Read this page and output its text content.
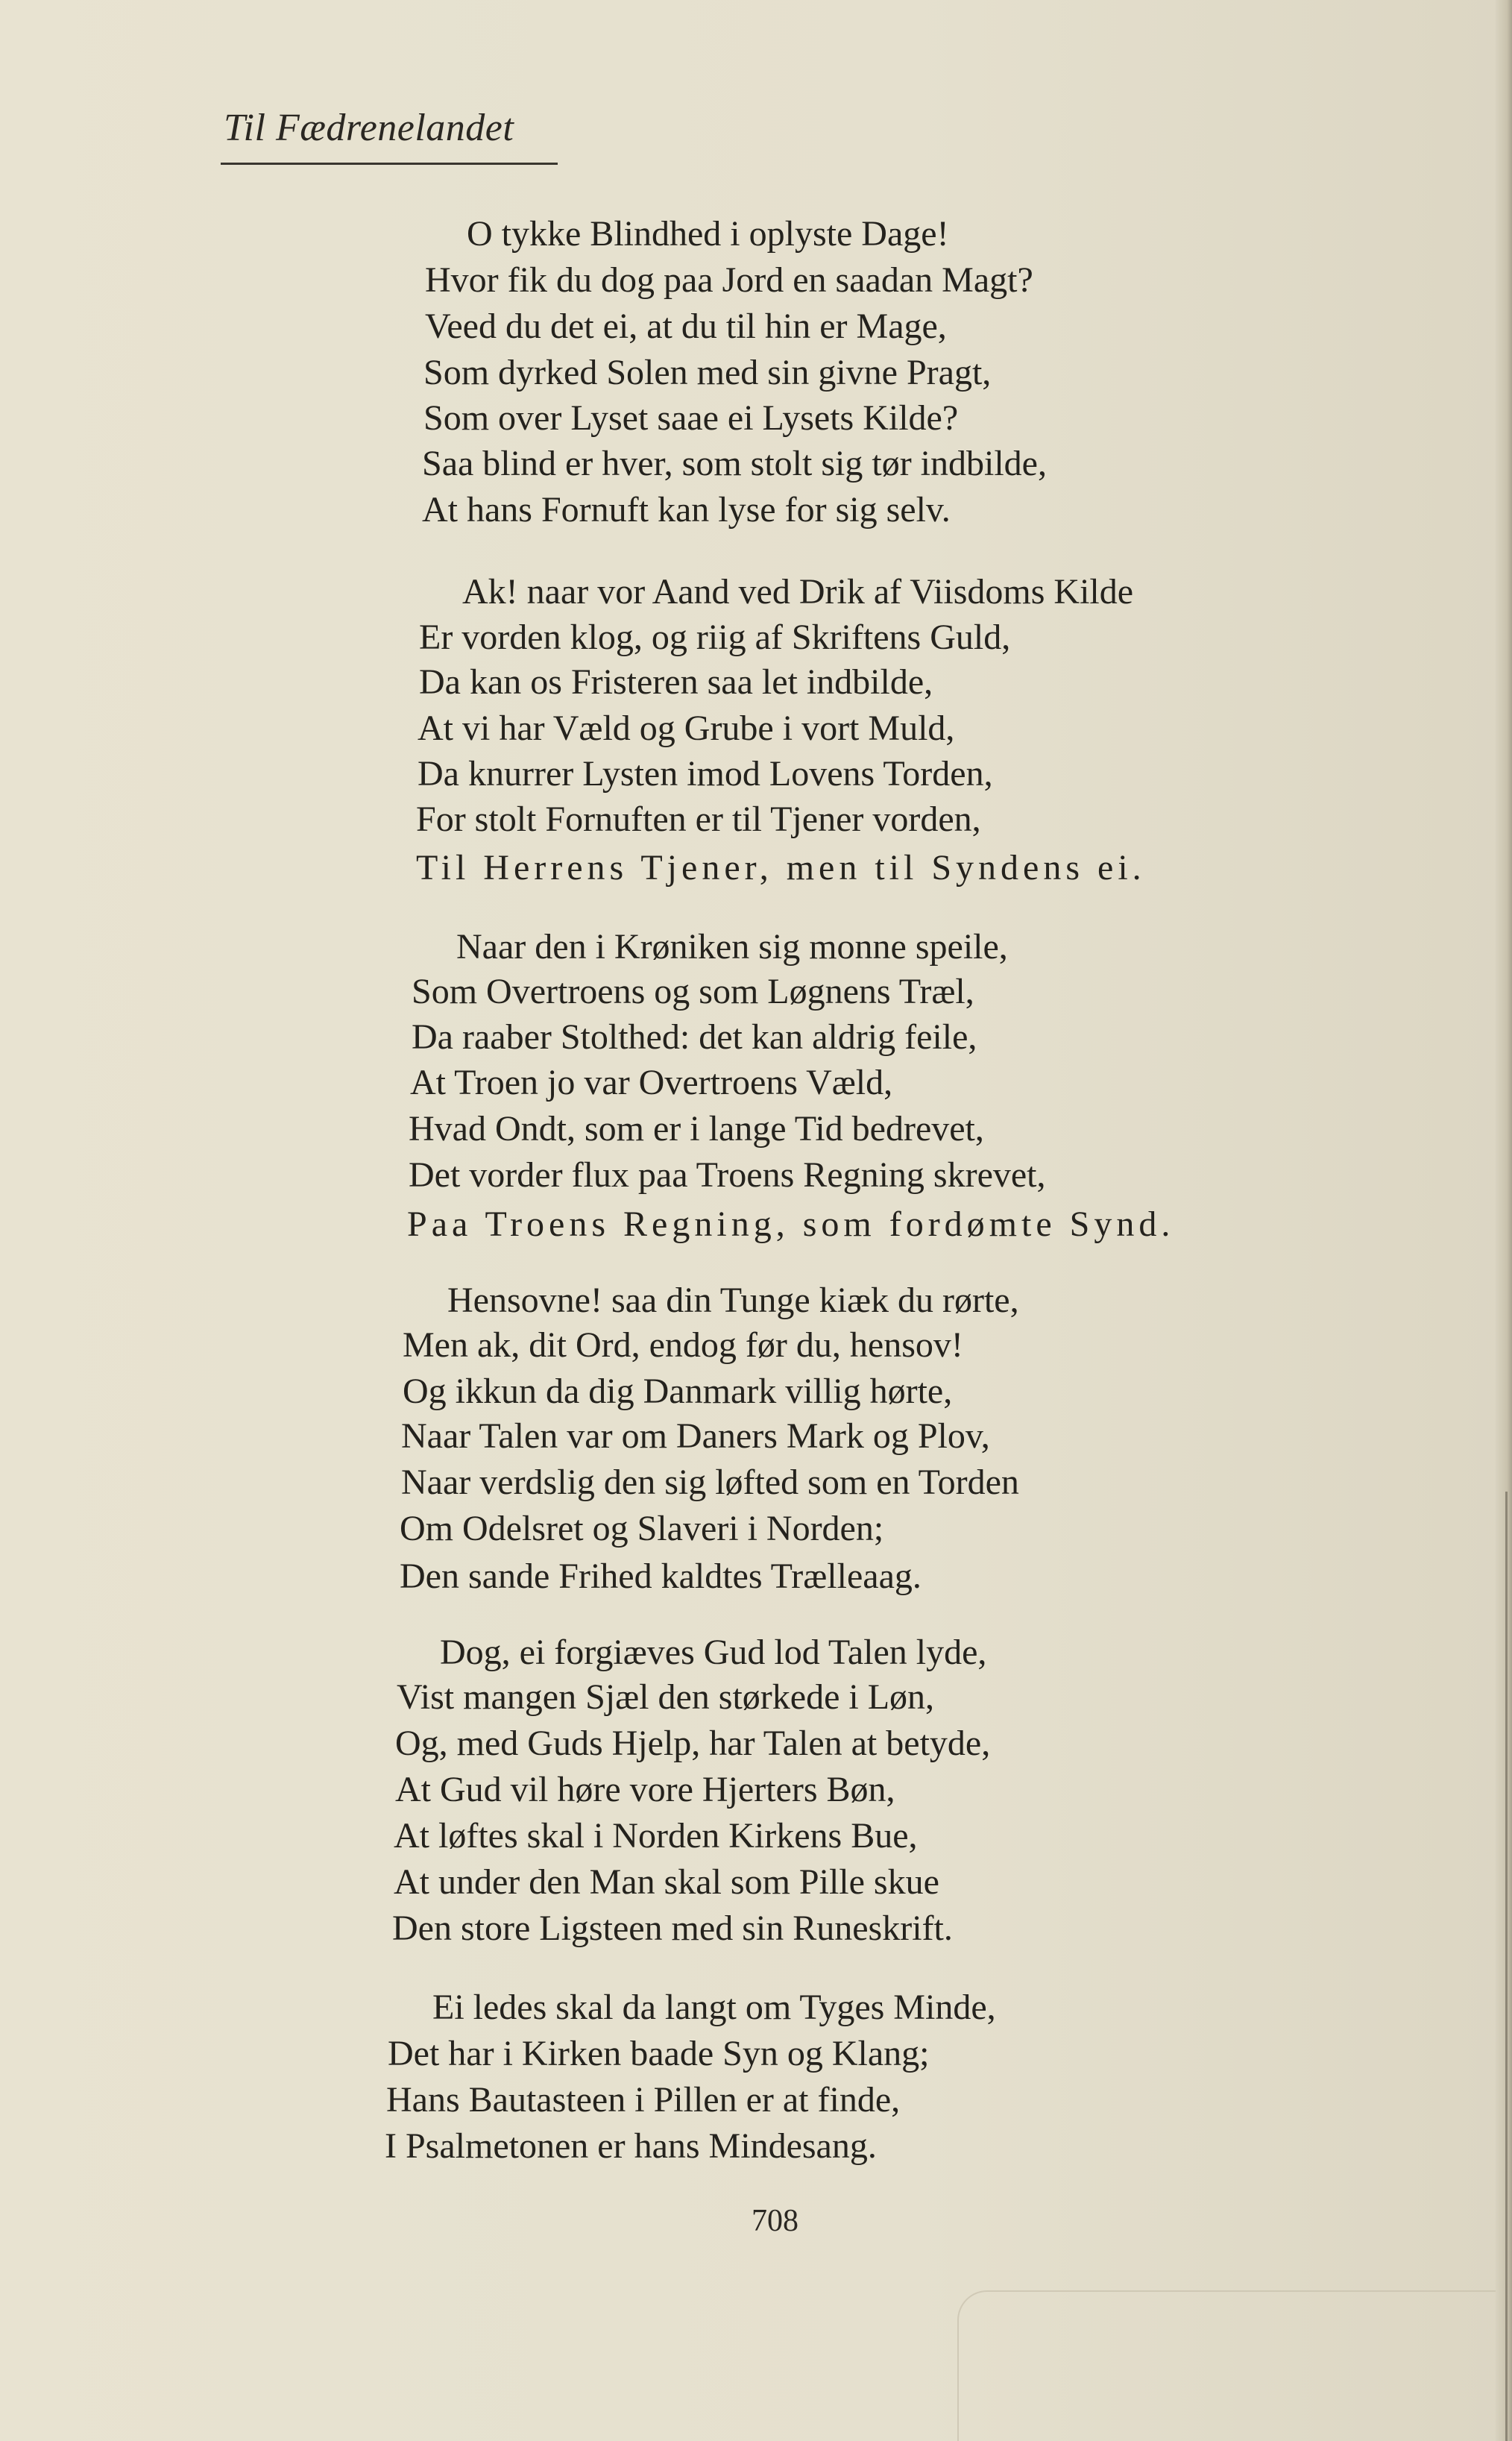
Til Fædrenelandet
O tykke Blindhed i oplyste Dage!
Hvor fik du dog paa Jord en saadan Magt?
Veed du det ei, at du til hin er Mage,
Som dyrked Solen med sin givne Pragt,
Som over Lyset saae ei Lysets Kilde?
Saa blind er hver, som stolt sig tør indbilde,
At hans Fornuft kan lyse for sig selv.
Ak! naar vor Aand ved Drik af Viisdoms Kilde
Er vorden klog, og riig af Skriftens Guld,
Da kan os Fristeren saa let indbilde,
At vi har Væld og Grube i vort Muld,
Da knurrer Lysten imod Lovens Torden,
For stolt Fornuften er til Tjener vorden,
Til Herrens Tjener, men til Syndens ei.
Naar den i Krøniken sig monne speile,
Som Overtroens og som Løgnens Træl,
Da raaber Stolthed: det kan aldrig feile,
At Troen jo var Overtroens Væld,
Hvad Ondt, som er i lange Tid bedrevet,
Det vorder flux paa Troens Regning skrevet,
Paa Troens Regning, som fordømte Synd.
Hensovne! saa din Tunge kiæk du rørte,
Men ak, dit Ord, endog før du, hensov!
Og ikkun da dig Danmark villig hørte,
Naar Talen var om Daners Mark og Plov,
Naar verdslig den sig løfted som en Torden
Om Odelsret og Slaveri i Norden;
Den sande Frihed kaldtes Trælleaag.
Dog, ei forgiæves Gud lod Talen lyde,
Vist mangen Sjæl den størkede i Løn,
Og, med Guds Hjelp, har Talen at betyde,
At Gud vil høre vore Hjerters Bøn,
At løftes skal i Norden Kirkens Bue,
At under den Man skal som Pille skue
Den store Ligsteen med sin Runeskrift.
Ei ledes skal da langt om Tyges Minde,
Det har i Kirken baade Syn og Klang;
Hans Bautasteen i Pillen er at finde,
I Psalmetonen er hans Mindesang.
708
